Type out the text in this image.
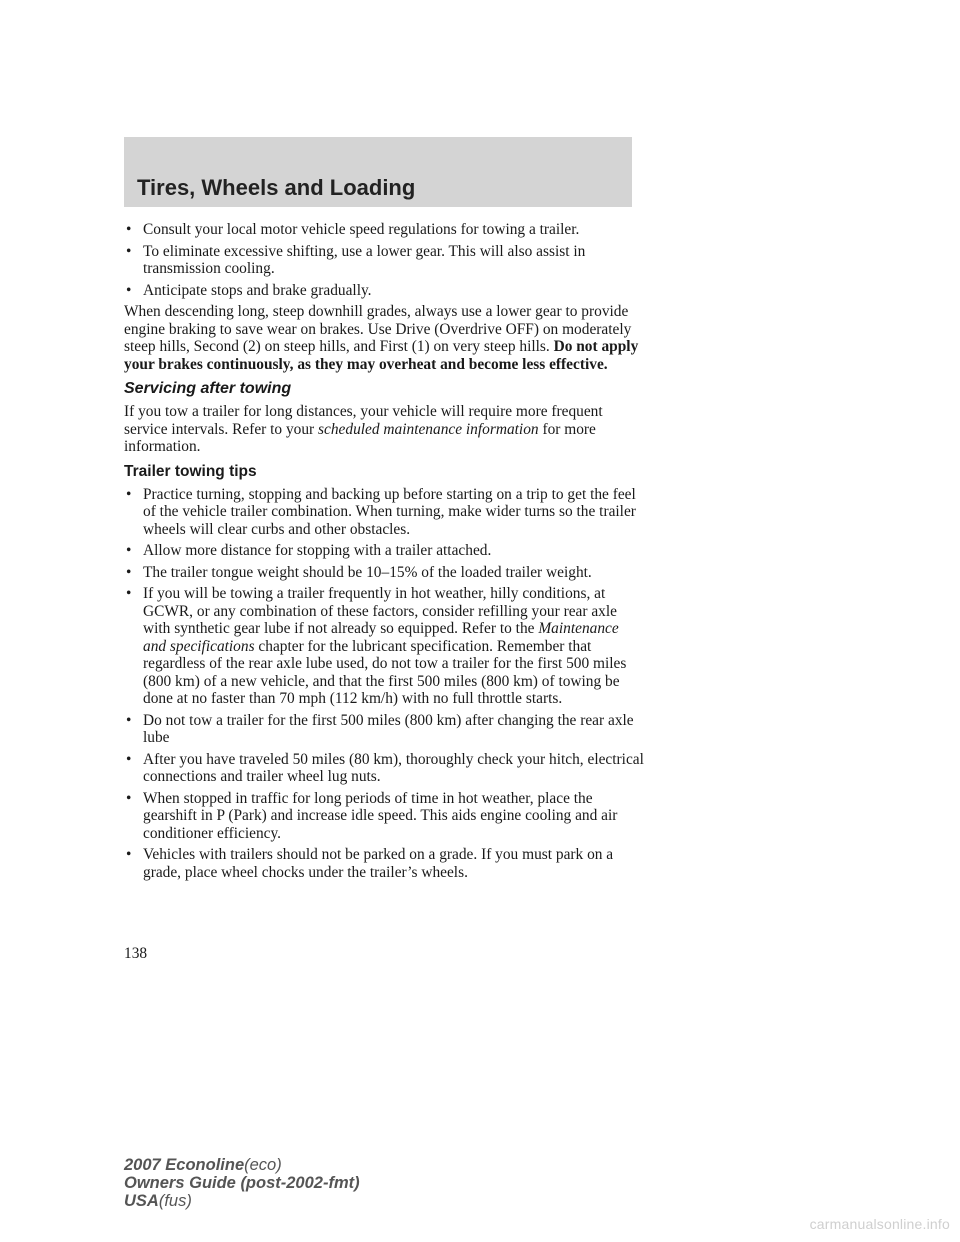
Tires, Wheels and Loading
• Consult your local motor vehicle speed regulations for towing a trailer.
• To eliminate excessive shifting, use a lower gear. This will also assist in transmission cooling.
• Anticipate stops and brake gradually.

When descending long, steep downhill grades, always use a lower gear to provide engine braking to save wear on brakes. Use Drive (Overdrive OFF) on moderately steep hills, Second (2) on steep hills, and First (1) on very steep hills. Do not apply your brakes continuously, as they may overheat and become less effective.

Servicing after towing

If you tow a trailer for long distances, your vehicle will require more frequent service intervals. Refer to your scheduled maintenance information for more information.

Trailer towing tips
• Practice turning, stopping and backing up before starting on a trip to get the feel of the vehicle trailer combination. When turning, make wider turns so the trailer wheels will clear curbs and other obstacles.
• Allow more distance for stopping with a trailer attached.
• The trailer tongue weight should be 10–15% of the loaded trailer weight.
• If you will be towing a trailer frequently in hot weather, hilly conditions, at GCWR, or any combination of these factors, consider refilling your rear axle with synthetic gear lube if not already so equipped. Refer to the Maintenance and specifications chapter for the lubricant specification. Remember that regardless of the rear axle lube used, do not tow a trailer for the first 500 miles (800 km) of a new vehicle, and that the first 500 miles (800 km) of towing be done at no faster than 70 mph (112 km/h) with no full throttle starts.
• Do not tow a trailer for the first 500 miles (800 km) after changing the rear axle lube
• After you have traveled 50 miles (80 km), thoroughly check your hitch, electrical connections and trailer wheel lug nuts.
• When stopped in traffic for long periods of time in hot weather, place the gearshift in P (Park) and increase idle speed. This aids engine cooling and air conditioner efficiency.
• Vehicles with trailers should not be parked on a grade. If you must park on a grade, place wheel chocks under the trailer’s wheels.
138
2007 Econoline(eco)
Owners Guide (post-2002-fmt)
USA(fus)
carmanualsonline.info
